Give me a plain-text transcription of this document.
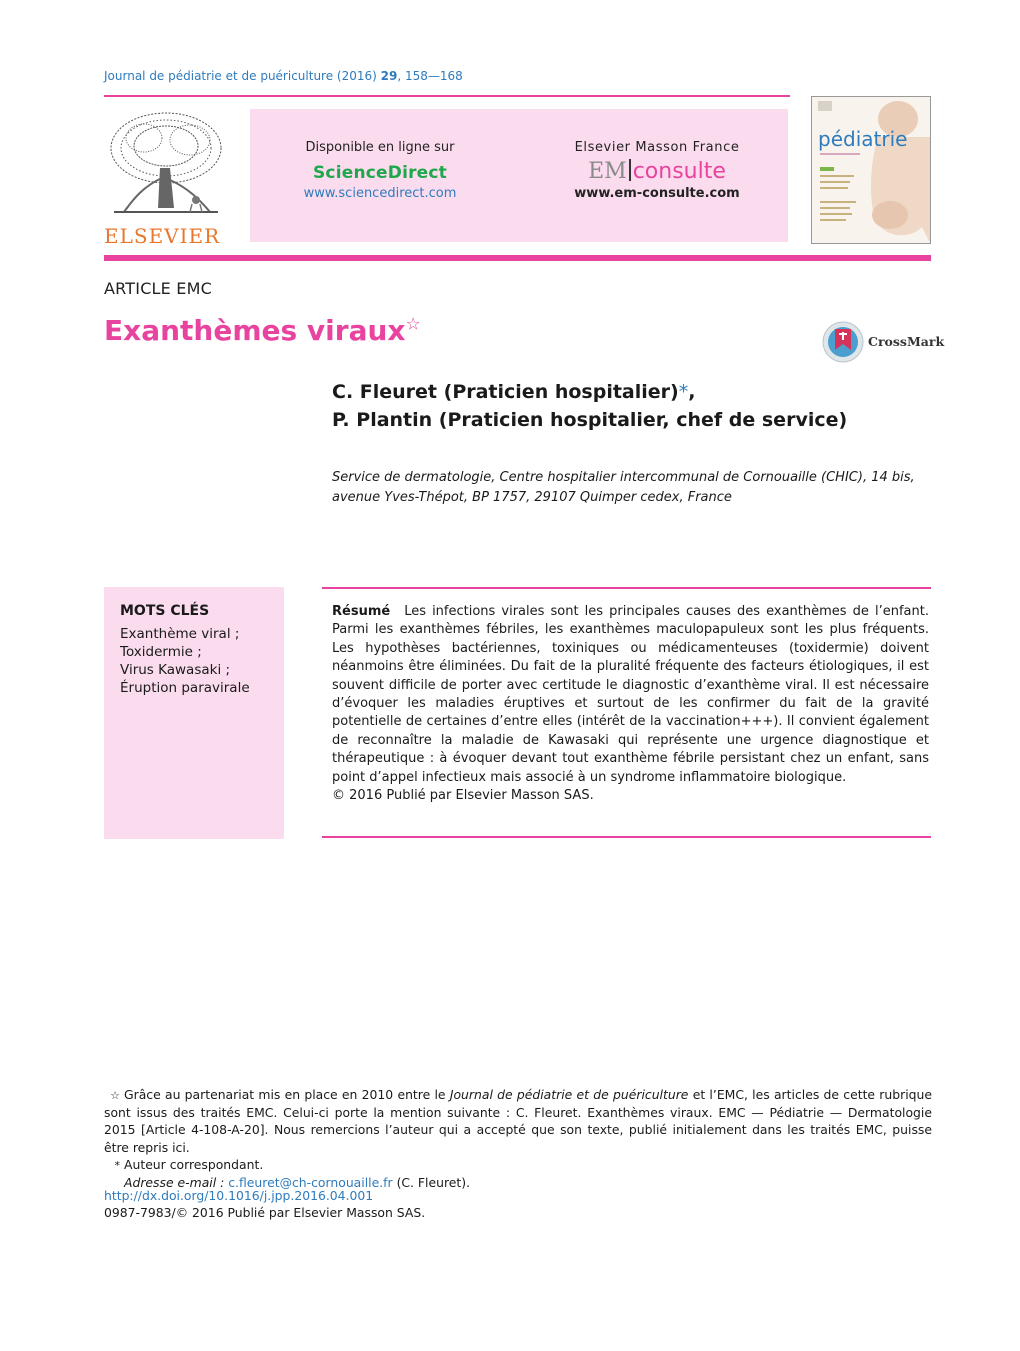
Journal de pédiatrie et de puériculture (2016) 29, 158—168
ELSEVIER
Disponible en ligne sur
ScienceDirect
www.sciencedirect.com
Elsevier Masson France
EM consulte
www.em-consulte.com
pédiatrie
ARTICLE EMC
Exanthèmes viraux☆
CrossMark
C. Fleuret (Praticien hospitalier)*,
P. Plantin (Praticien hospitalier, chef de service)
Service de dermatologie, Centre hospitalier intercommunal de Cornouaille (CHIC), 14 bis,
avenue Yves-Thépot, BP 1757, 29107 Quimper cedex, France
MOTS CLÉS
Exanthème viral ;
Toxidermie ;
Virus Kawasaki ;
Éruption paravirale
Résumé Les infections virales sont les principales causes des exanthèmes de l’enfant. Parmi les exanthèmes fébriles, les exanthèmes maculopapuleux sont les plus fréquents. Les hypothèses bactériennes, toxiniques ou médicamenteuses (toxidermie) doivent néanmoins être éliminées. Du fait de la pluralité fréquente des facteurs étiologiques, il est souvent difficile de porter avec certitude le diagnostic d’exanthème viral. Il est nécessaire d’évoquer les maladies éruptives et surtout de les confirmer du fait de la gravité potentielle de certaines d’entre elles (intérêt de la vaccination+++). Il convient également de reconnaître la maladie de Kawasaki qui représente une urgence diagnostique et thérapeutique : à évoquer devant tout exanthème fébrile persistant chez un enfant, sans point d’appel infectieux mais associé à un syndrome inflammatoire biologique.
© 2016 Publié par Elsevier Masson SAS.
☆ Grâce au partenariat mis en place en 2010 entre le Journal de pédiatrie et de puériculture et l’EMC, les articles de cette rubrique sont issus des traités EMC. Celui-ci porte la mention suivante : C. Fleuret. Exanthèmes viraux. EMC — Pédiatrie — Dermatologie 2015 [Article 4-108-A-20]. Nous remercions l’auteur qui a accepté que son texte, publié initialement dans les traités EMC, puisse être repris ici.
* Auteur correspondant.
Adresse e-mail : c.fleuret@ch-cornouaille.fr (C. Fleuret).
http://dx.doi.org/10.1016/j.jpp.2016.04.001
0987-7983/© 2016 Publié par Elsevier Masson SAS.
